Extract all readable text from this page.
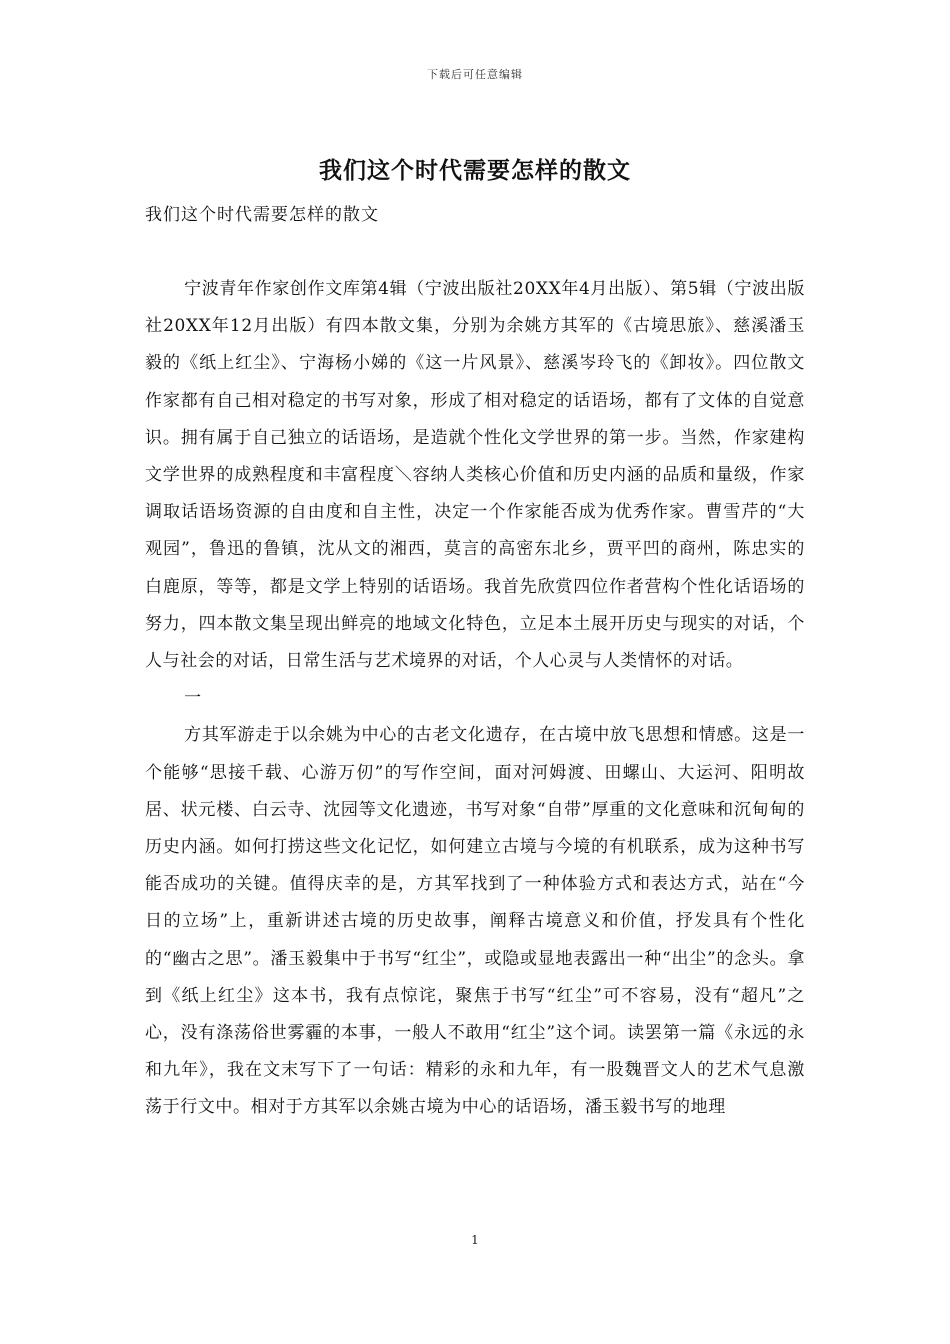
下载后可任意编辑
我们这个时代需要怎样的散文
我们这个时代需要怎样的散文

宁波青年作家创作文库第4辑（宁波出版社20XX年4月出版）、第5辑（宁波出版社20XX年12月出版）有四本散文集，分别为余姚方其军的《古境思旅》、慈溪潘玉毅的《纸上红尘》、宁海杨小娣的《这一片风景》、慈溪岑玲飞的《卸妆》。四位散文作家都有自己相对稳定的书写对象，形成了相对稳定的话语场，都有了文体的自觉意识。拥有属于自己独立的话语场，是造就个性化文学世界的第一步。当然，作家建构文学世界的成熟程度和丰富程度＼容纳人类核心价值和历史内涵的品质和量级，作家调取话语场资源的自由度和自主性，决定一个作家能否成为优秀作家。曹雪芹的“大观园”，鲁迅的鲁镇，沈从文的湘西，莫言的高密东北乡，贾平凹的商州，陈忠实的白鹿原，等等，都是文学上特别的话语场。我首先欣赏四位作者营构个性化话语场的努力，四本散文集呈现出鲜亮的地域文化特色，立足本土展开历史与现实的对话，个人与社会的对话，日常生活与艺术境界的对话，个人心灵与人类情怀的对话。

一

方其军游走于以余姚为中心的古老文化遗存，在古境中放飞思想和情感。这是一个能够“思接千载、心游万仞”的写作空间，面对河姆渡、田螺山、大运河、阳明故居、状元楼、白云寺、沈园等文化遗迹，书写对象“自带”厚重的文化意味和沉甸甸的历史内涵。如何打捞这些文化记忆，如何建立古境与今境的有机联系，成为这种书写能否成功的关键。值得庆幸的是，方其军找到了一种体验方式和表达方式，站在“今日的立场”上，重新讲述古境的历史故事，阐释古境意义和价值，抒发具有个性化的“幽古之思”。潘玉毅集中于书写“红尘”，或隐或显地表露出一种“出尘”的念头。拿到《纸上红尘》这本书，我有点惊诧，聚焦于书写“红尘”可不容易，没有“超凡”之心，没有涤荡俗世雾霾的本事，一般人不敢用“红尘”这个词。读罢第一篇《永远的永和九年》，我在文末写下了一句话：精彩的永和九年，有一股魏晋文人的艺术气息激荡于行文中。相对于方其军以余姚古境为中心的话语场，潘玉毅书写的地理

1
